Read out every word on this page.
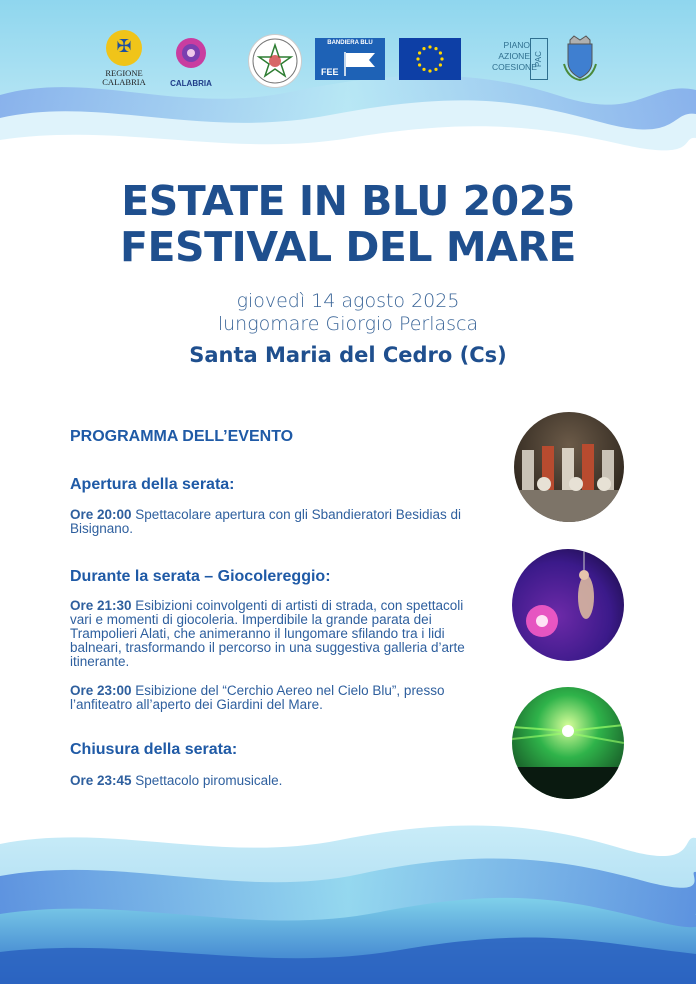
✠
REGIONE CALABRIA	CALABRIA
BANDIERA BLU
FEE
PIANO
AZIONE
COESIONE
PAC
ESTATE IN BLU 2025
FESTIVAL DEL MARE
giovedì 14 agosto 2025
lungomare Giorgio Perlasca
Santa Maria del Cedro (Cs)
PROGRAMMA DELL’EVENTO
Apertura della serata:
Ore 20:00 Spettacolare apertura con gli Sbandieratori Besidias di Bisignano.
Durante la serata – Giocolereggio:
Ore 21:30 Esibizioni coinvolgenti di artisti di strada, con spettacoli vari e momenti di giocoleria. Imperdibile la grande parata dei Trampolieri Alati, che animeranno il lungomare sfilando tra i lidi balneari, trasformando il percorso in una suggestiva galleria d’arte itinerante.
Ore 23:00 Esibizione del “Cerchio Aereo nel Cielo Blu”, presso l’anfiteatro all’aperto dei Giardini del Mare.
Chiusura della serata:
Ore 23:45 Spettacolo piromusicale.
